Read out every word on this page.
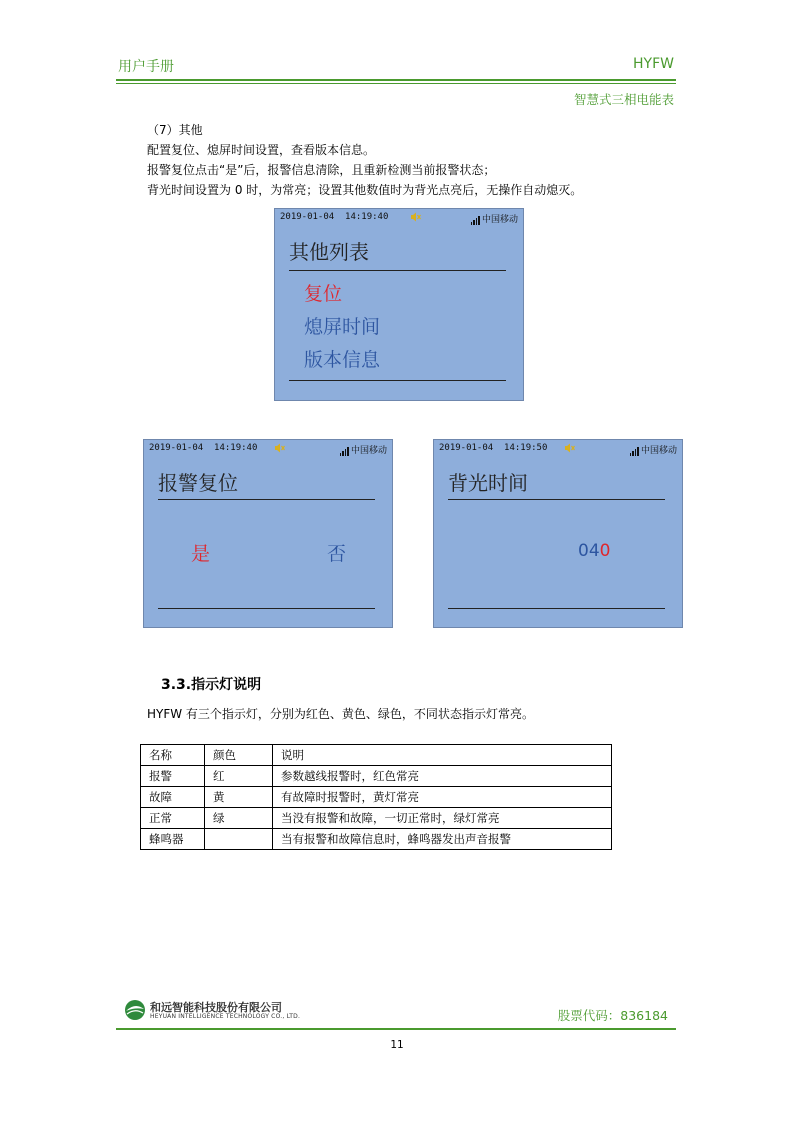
用户手册	HYFW
智慧式三相电能表
（7）其他
配置复位、熄屏时间设置，查看版本信息。
报警复位点击“是”后，报警信息清除，且重新检测当前报警状态；
背光时间设置为 0 时，为常亮；设置其他数值时为背光点亮后，无操作自动熄灭。
2019-01-04  14:19:40	中国移动
其他列表
复位
熄屏时间
版本信息
2019-01-04  14:19:40	中国移动
报警复位
是	否
2019-01-04  14:19:50	中国移动
背光时间
040
3.3.指示灯说明
HYFW 有三个指示灯，分别为红色、黄色、绿色，不同状态指示灯常亮。
名称	颜色	说明
报警	红	参数越线报警时，红色常亮
故障	黄	有故障时报警时，黄灯常亮
正常	绿	当没有报警和故障，一切正常时，绿灯常亮
蜂鸣器		当有报警和故障信息时，蜂鸣器发出声音报警
和远智能科技股份有限公司
HEYUAN INTELLIGENCE TECHNOLOGY CO., LTD.	股票代码：836184
11
